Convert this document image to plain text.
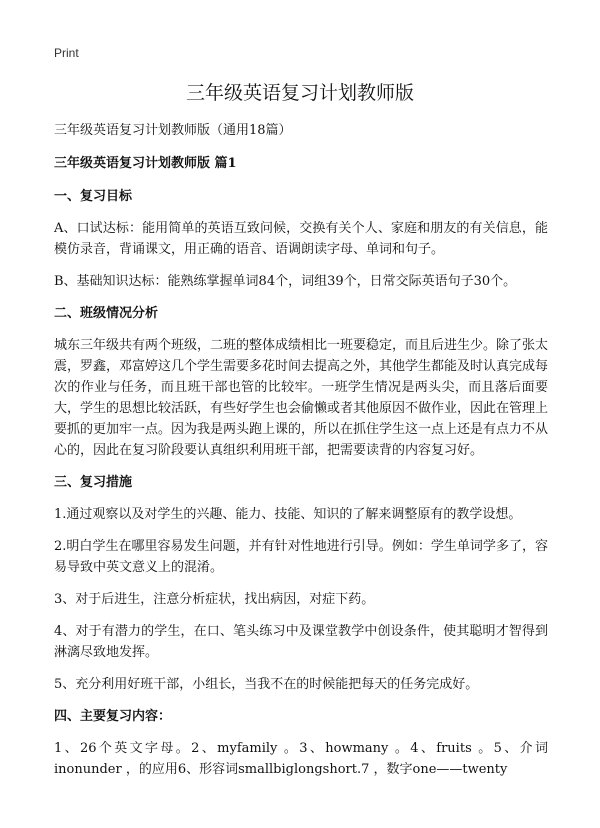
Print
三年级英语复习计划教师版

三年级英语复习计划教师版（通用18篇）

三年级英语复习计划教师版 篇1

一、复习目标

A、口试达标：能用简单的英语互致问候，交换有关个人、家庭和朋友的有关信息，能模仿录音，背诵课文，用正确的语音、语调朗读字母、单词和句子。

B、基础知识达标：能熟练掌握单词84个，词组39个，日常交际英语句子30个。

二、班级情况分析

城东三年级共有两个班级，二班的整体成绩相比一班要稳定，而且后进生少。除了张太震，罗鑫，邓富婷这几个学生需要多花时间去提高之外，其他学生都能及时认真完成每次的作业与任务，而且班干部也管的比较牢。一班学生情况是两头尖，而且落后面要大，学生的思想比较活跃，有些好学生也会偷懒或者其他原因不做作业，因此在管理上要抓的更加牢一点。因为我是两头跑上课的，所以在抓住学生这一点上还是有点力不从心的，因此在复习阶段要认真组织利用班干部，把需要读背的内容复习好。

三、复习措施

1.通过观察以及对学生的兴趣、能力、技能、知识的了解来调整原有的教学设想。

2.明白学生在哪里容易发生问题，并有针对性地进行引导。例如：学生单词学多了，容易导致中英文意义上的混淆。

3、对于后进生，注意分析症状，找出病因，对症下药。

4、对于有潜力的学生，在口、笔头练习中及课堂教学中创设条件，使其聪明才智得到淋漓尽致地发挥。

5、充分利用好班干部，小组长，当我不在的时候能把每天的任务完成好。

四、主要复习内容：

1、26个英文字母。2、myfamily 。3、howmany 。4、fruits 。5、介词inonunder ，的应用6、形容词smallbiglongshort.7 ，数字one——twenty
